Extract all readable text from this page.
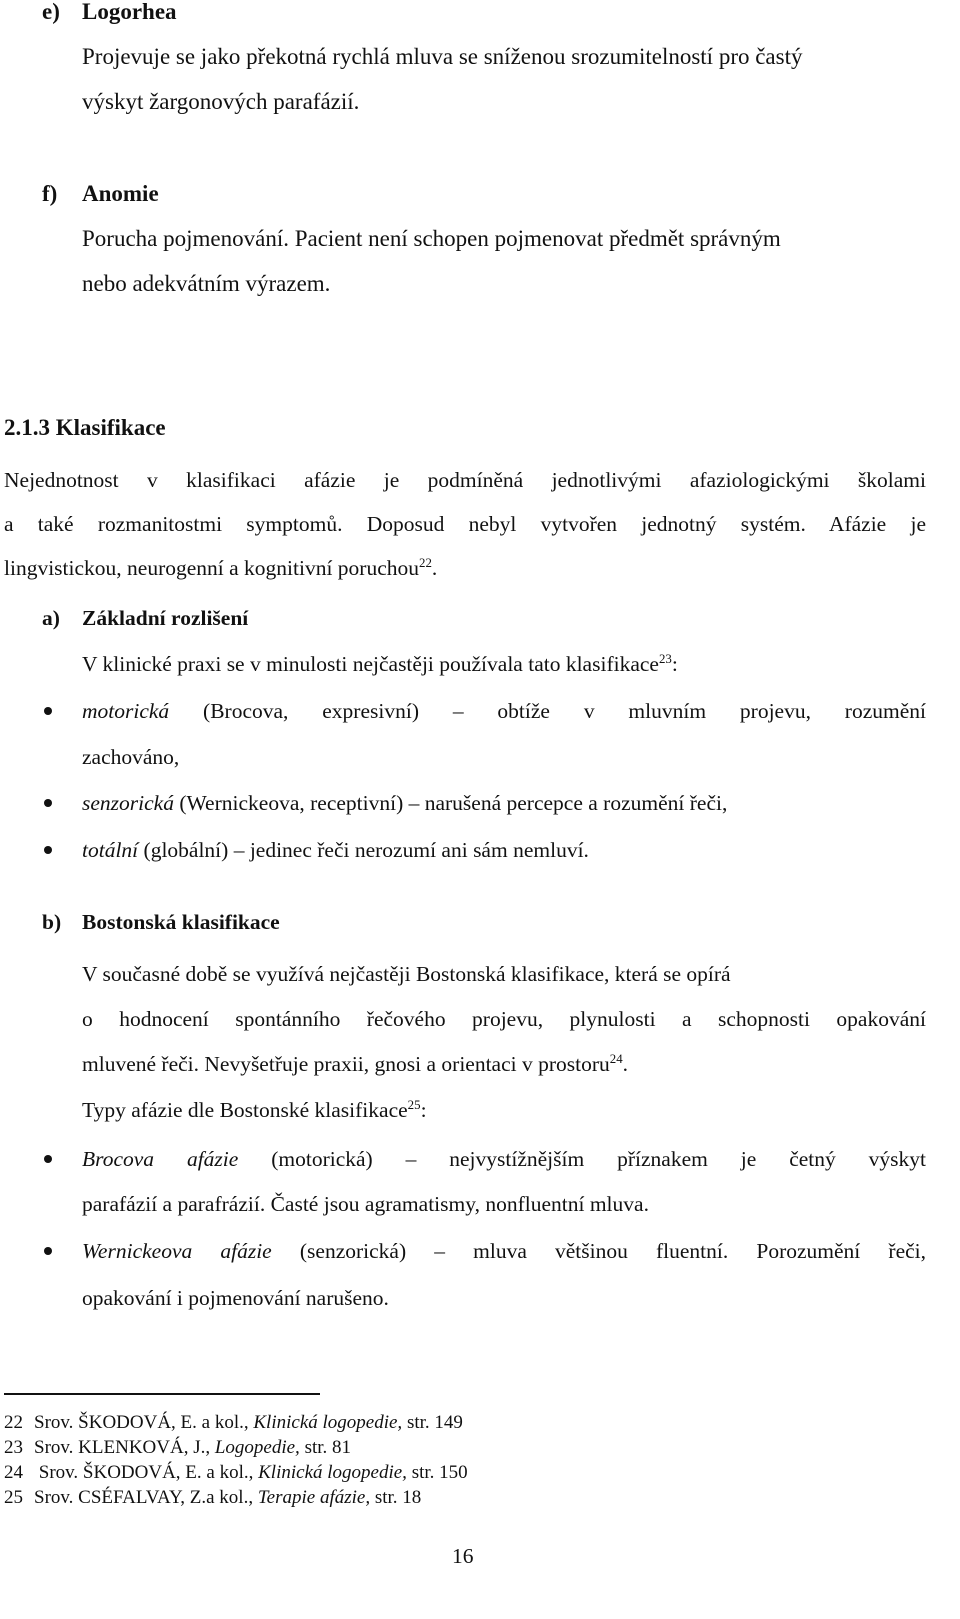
e) Logorhea
Projevuje se jako překotná rychlá mluva se sníženou srozumitelností pro častý
výskyt žargonových parafázií.
f) Anomie
Porucha pojmenování. Pacient není schopen pojmenovat předmět správným
nebo adekvátním výrazem.
2.1.3 Klasifikace
Nejednotnost v klasifikaci afázie je podmíněná jednotlivými afaziologickými školami
a také rozmanitostmi symptomů. Doposud nebyl vytvořen jednotný systém. Afázie je
lingvistickou, neurogenní a kognitivní poruchou$^{22}$.
a) Základní rozlišení
V klinické praxi se v minulosti nejčastěji používala tato klasifikace$^{23}$:
motorická (Brocova, expresivní) – obtíže v mluvním projevu, rozumění
zachováno,
senzorická (Wernickeova, receptivní) – narušená percepce a rozumění řeči,
totální (globální) – jedinec řeči nerozumí ani sám nemluví.
b) Bostonská klasifikace
V současné době se využívá nejčastěji Bostonská klasifikace, která se opírá
o hodnocení spontánního řečového projevu, plynulosti a schopnosti opakování
mluvené řeči. Nevyšetřuje praxii, gnosi a orientaci v prostoru$^{24}$.
Typy afázie dle Bostonské klasifikace$^{25}$:
Brocova afázie (motorická) – nejvystížnějším příznakem je četný výskyt
parafázií a parafrázií. Časté jsou agramatismy, nonfluentní mluva.
Wernickeova afázie (senzorická) – mluva většinou fluentní. Porozumění řeči,
opakování i pojmenování narušeno.
22 Srov. ŠKODOVÁ, E. a kol., Klinická logopedie, str. 149
23 Srov. KLENKOVÁ, J., Logopedie, str. 81
24 Srov. ŠKODOVÁ, E. a kol., Klinická logopedie, str. 150
25 Srov. CSÉFALVAY, Z.a kol., Terapie afázie, str. 18
16
